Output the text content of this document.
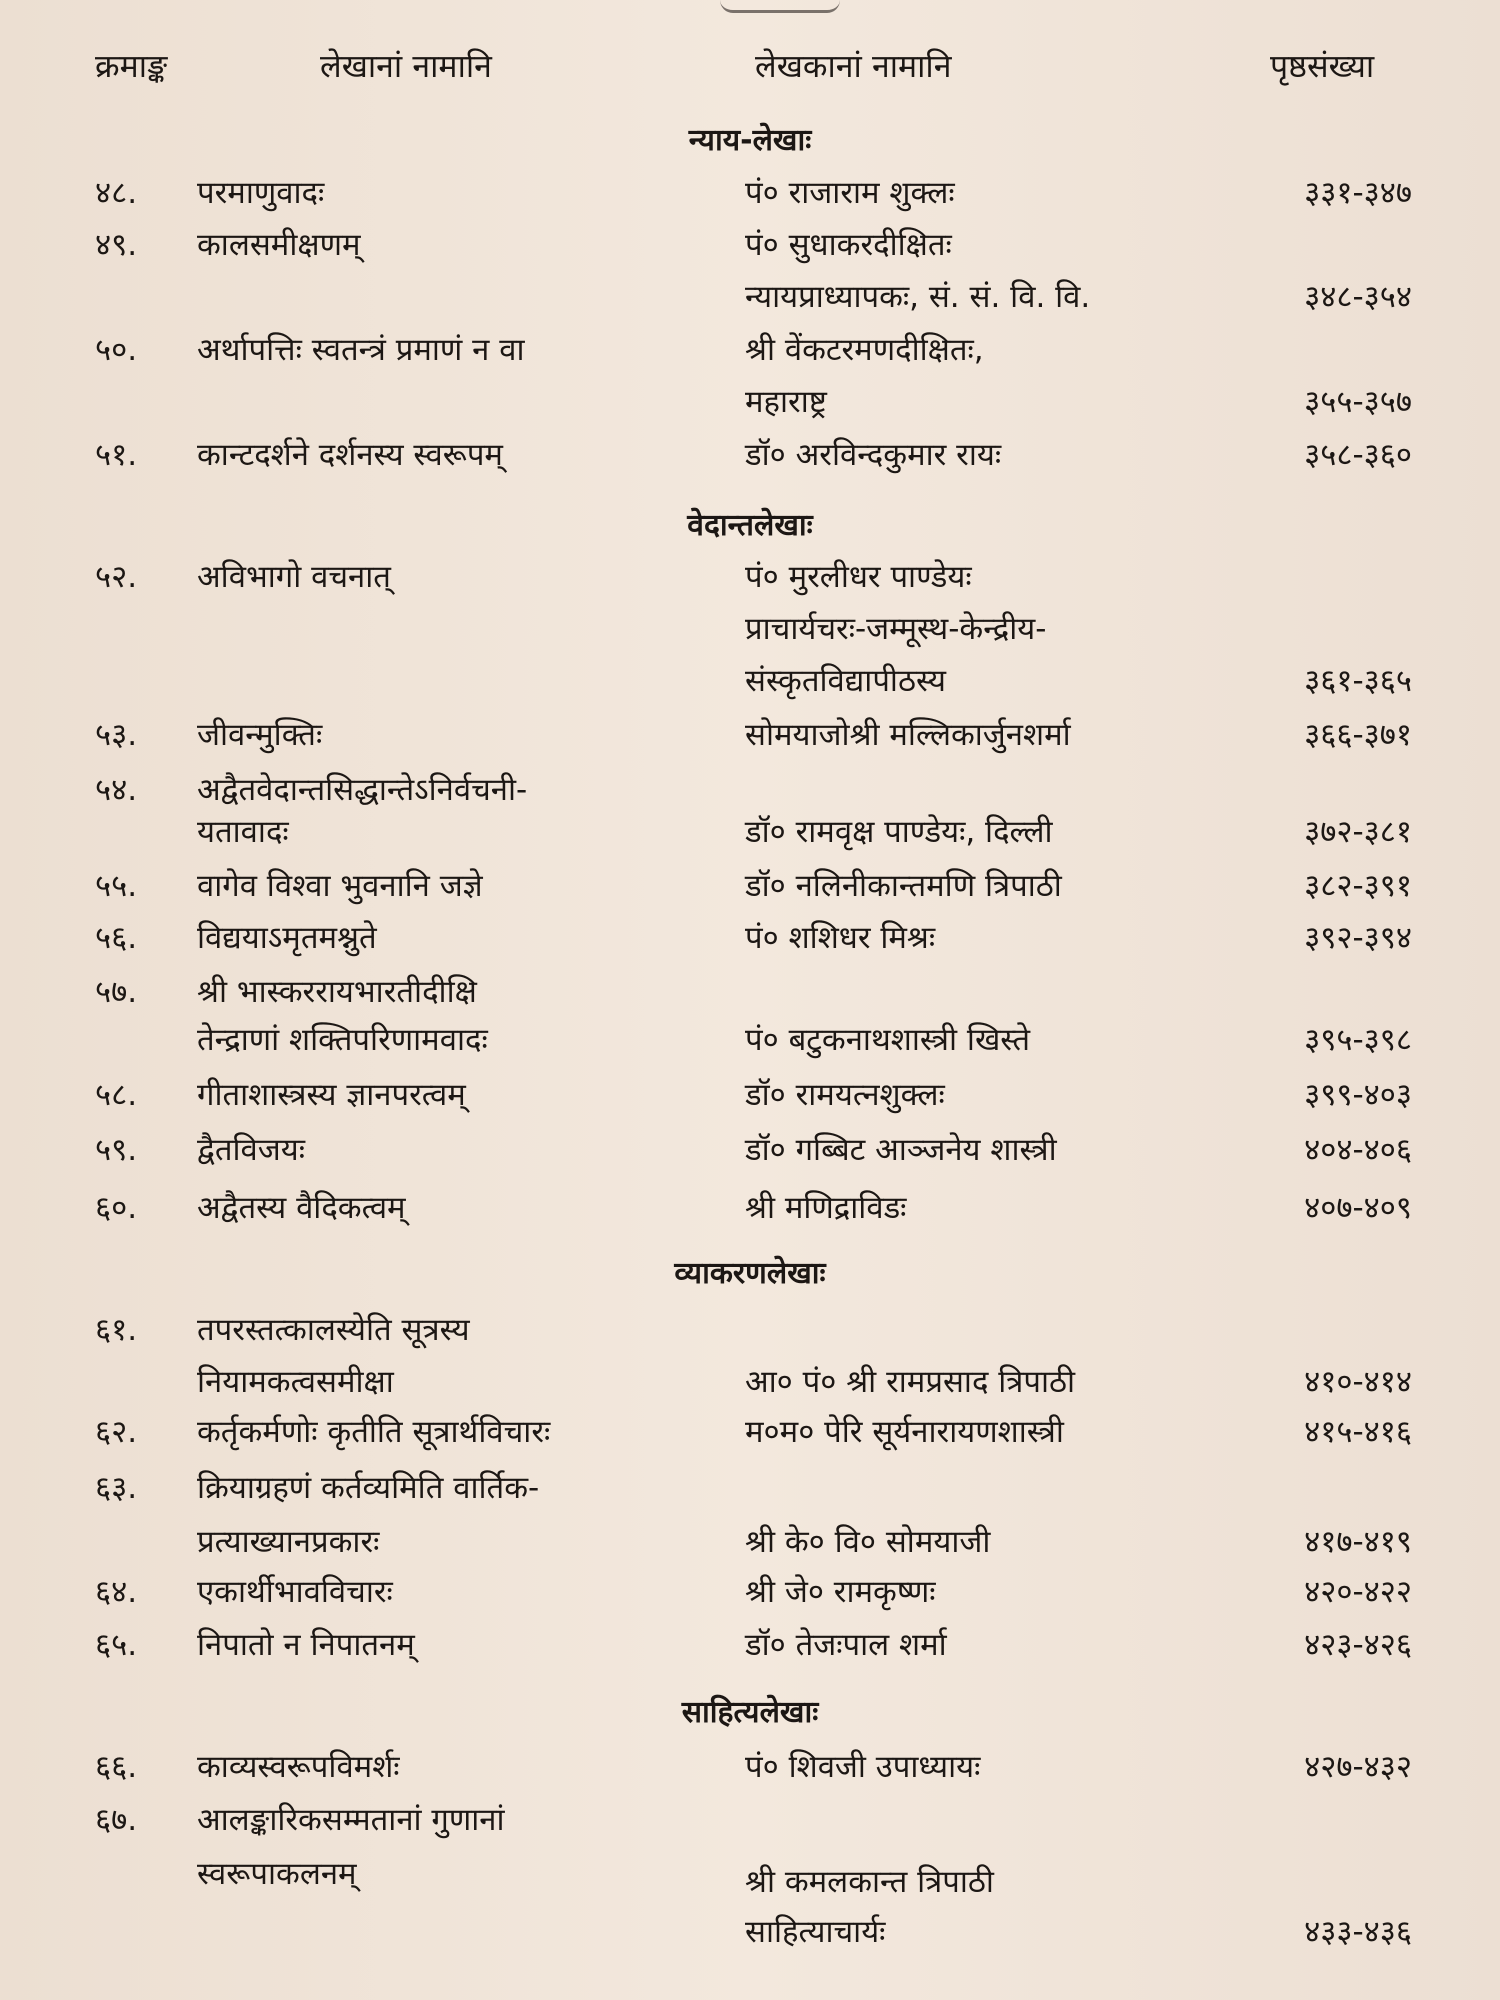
क्रमाङ्क	लेखानां नामानि	लेखकानां नामानि	पृष्ठसंख्या
न्याय-लेखाः
४८. परमाणुवादः	पं० राजाराम शुक्लः	३३१-३४७
४९. कालसमीक्षणम्	पं० सुधाकरदीक्षितः
न्यायप्राध्यापकः, सं. सं. वि. वि.	३४८-३५४
५०. अर्थापत्तिः स्वतन्त्रं प्रमाणं न वा	श्री वेंकटरमणदीक्षितः,
महाराष्ट्र	३५५-३५७
५१. कान्टदर्शने दर्शनस्य स्वरूपम्	डॉ० अरविन्दकुमार रायः	३५८-३६०
वेदान्तलेखाः
५२. अविभागो वचनात्	पं० मुरलीधर पाण्डेयः
प्राचार्यचरः-जम्मूस्थ-केन्द्रीय-
संस्कृतविद्यापीठस्य	३६१-३६५
५३. जीवन्मुक्तिः	सोमयाजोश्री मल्लिकार्जुनशर्मा	३६६-३७१
५४. अद्वैतवेदान्तसिद्धान्तेऽनिर्वचनी-
यतावादः	डॉ० रामवृक्ष पाण्डेयः, दिल्ली	३७२-३८१
५५. वागेव विश्वा भुवनानि जज्ञे	डॉ० नलिनीकान्तमणि त्रिपाठी	३८२-३९१
५६. विद्ययाऽमृतमश्नुते	पं० शशिधर मिश्रः	३९२-३९४
५७. श्री भास्कररायभारतीदीक्षि
तेन्द्राणां शक्तिपरिणामवादः	पं० बटुकनाथशास्त्री खिस्ते	३९५-३९८
५८. गीताशास्त्रस्य ज्ञानपरत्वम्	डॉ० रामयत्नशुक्लः	३९९-४०३
५९. द्वैतविजयः	डॉ० गब्बिट आञ्जनेय शास्त्री	४०४-४०६
६०. अद्वैतस्य वैदिकत्वम्	श्री मणिद्राविडः	४०७-४०९
व्याकरणलेखाः
६१. तपरस्तत्कालस्येति सूत्रस्य
नियामकत्वसमीक्षा	आ० पं० श्री रामप्रसाद त्रिपाठी	४१०-४१४
६२. कर्तृकर्मणोः कृतीति सूत्रार्थविचारः	म०म० पेरि सूर्यनारायणशास्त्री	४१५-४१६
६३. क्रियाग्रहणं कर्तव्यमिति वार्तिक-
प्रत्याख्यानप्रकारः	श्री के० वि० सोमयाजी	४१७-४१९
६४. एकार्थीभावविचारः	श्री जे० रामकृष्णः	४२०-४२२
६५. निपातो न निपातनम्	डॉ० तेजःपाल शर्मा	४२३-४२६
साहित्यलेखाः
६६. काव्यस्वरूपविमर्शः	पं० शिवजी उपाध्यायः	४२७-४३२
६७. आलङ्कारिकसम्मतानां गुणानां
स्वरूपाकलनम्	श्री कमलकान्त त्रिपाठी
साहित्याचार्यः	४३३-४३६
